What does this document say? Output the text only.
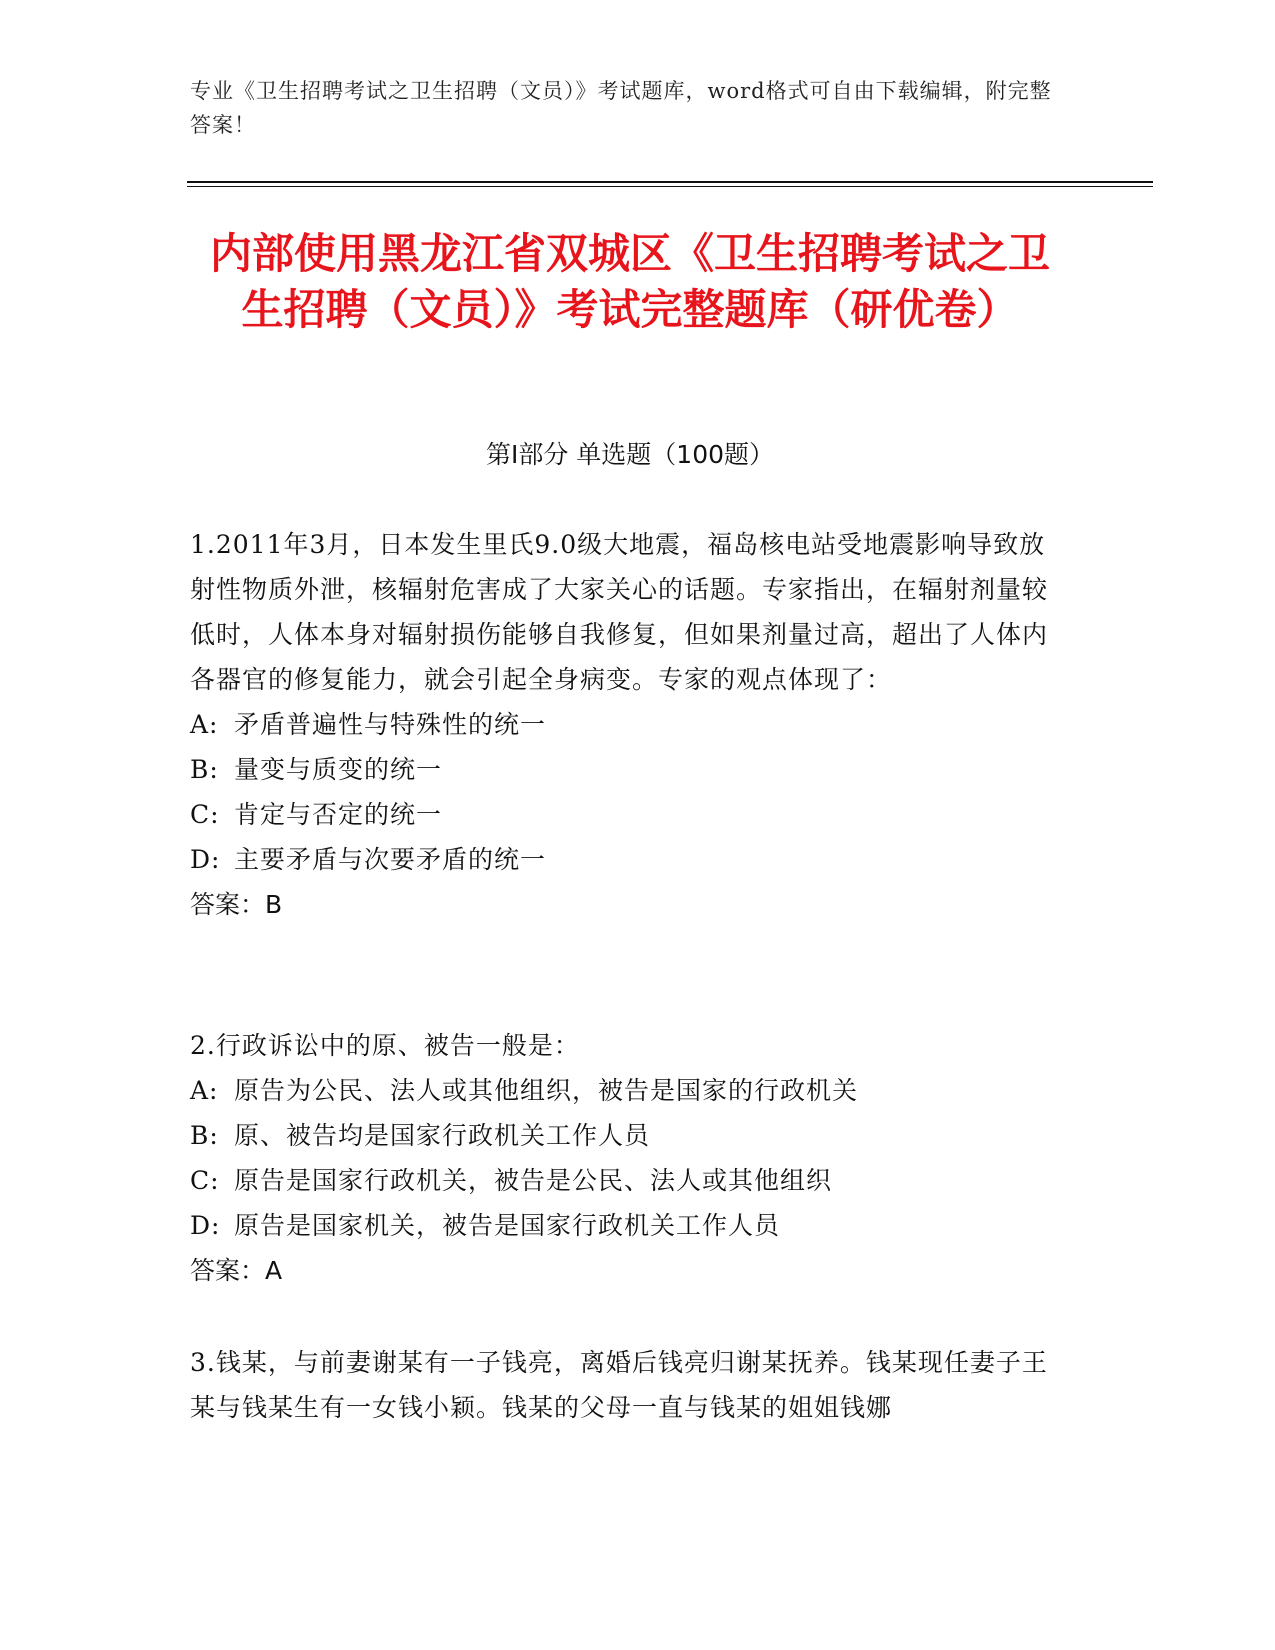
专业《卫生招聘考试之卫生招聘（文员）》考试题库，word格式可自由下载编辑，附完整答案！
内部使用黑龙江省双城区《卫生招聘考试之卫生招聘（文员）》考试完整题库（研优卷）
第Ⅰ部分 单选题（100题）

1.2011年3月，日本发生里氏9.0级大地震，福岛核电站受地震影响导致放射性物质外泄，核辐射危害成了大家关心的话题。专家指出，在辐射剂量较低时，人体本身对辐射损伤能够自我修复，但如果剂量过高，超出了人体内各器官的修复能力，就会引起全身病变。专家的观点体现了：

A: 矛盾普遍性与特殊性的统一

B: 量变与质变的统一

C: 肯定与否定的统一

D: 主要矛盾与次要矛盾的统一

答案：B

2.行政诉讼中的原、被告一般是：

A: 原告为公民、法人或其他组织，被告是国家的行政机关

B: 原、被告均是国家行政机关工作人员

C: 原告是国家行政机关，被告是公民、法人或其他组织

D: 原告是国家机关，被告是国家行政机关工作人员

答案：A

3.钱某，与前妻谢某有一子钱亮，离婚后钱亮归谢某抚养。钱某现任妻子王某与钱某生有一女钱小颖。钱某的父母一直与钱某的姐姐钱娜
